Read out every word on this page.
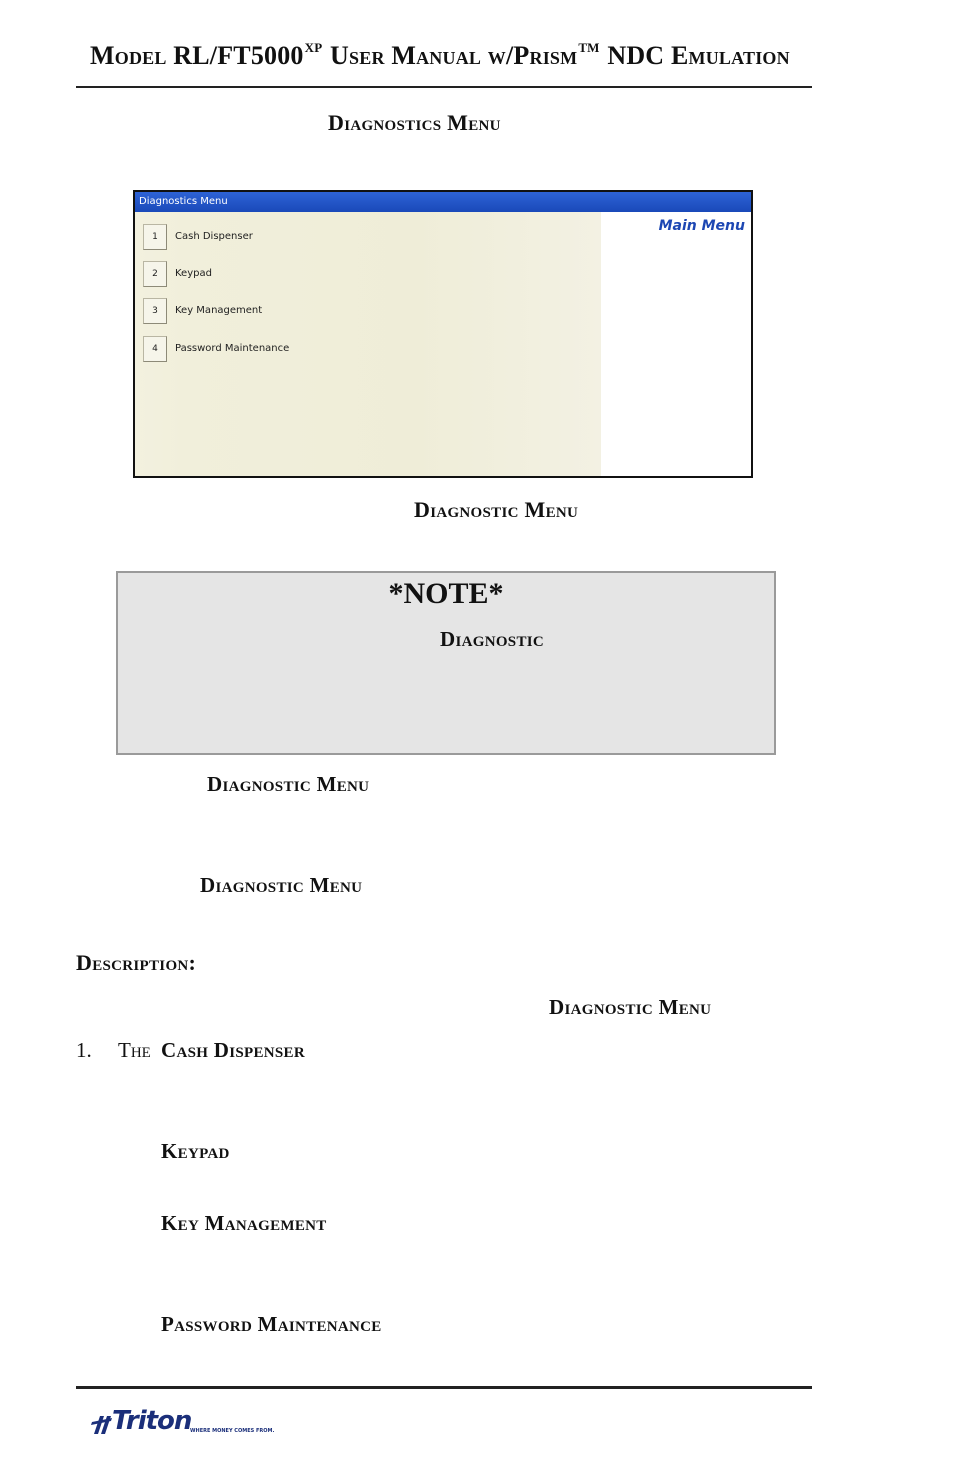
Model $RL/FT5000^{XP}$ User Manual w/Prism™ NDC Emulation
Diagnostics Menu
Diagnostics Menu
1	Cash Dispenser
2	Keypad
3	Key Management
4	Password Maintenance
Main Menu
Diagnostic Menu
*NOTE*
Diagnostic
Diagnostic Menu
Diagnostic Menu
Description:
Diagnostic Menu
1. The Cash Dispenser
Keypad
Key Management
Password Maintenance
Triton
WHERE MONEY COMES FROM.
